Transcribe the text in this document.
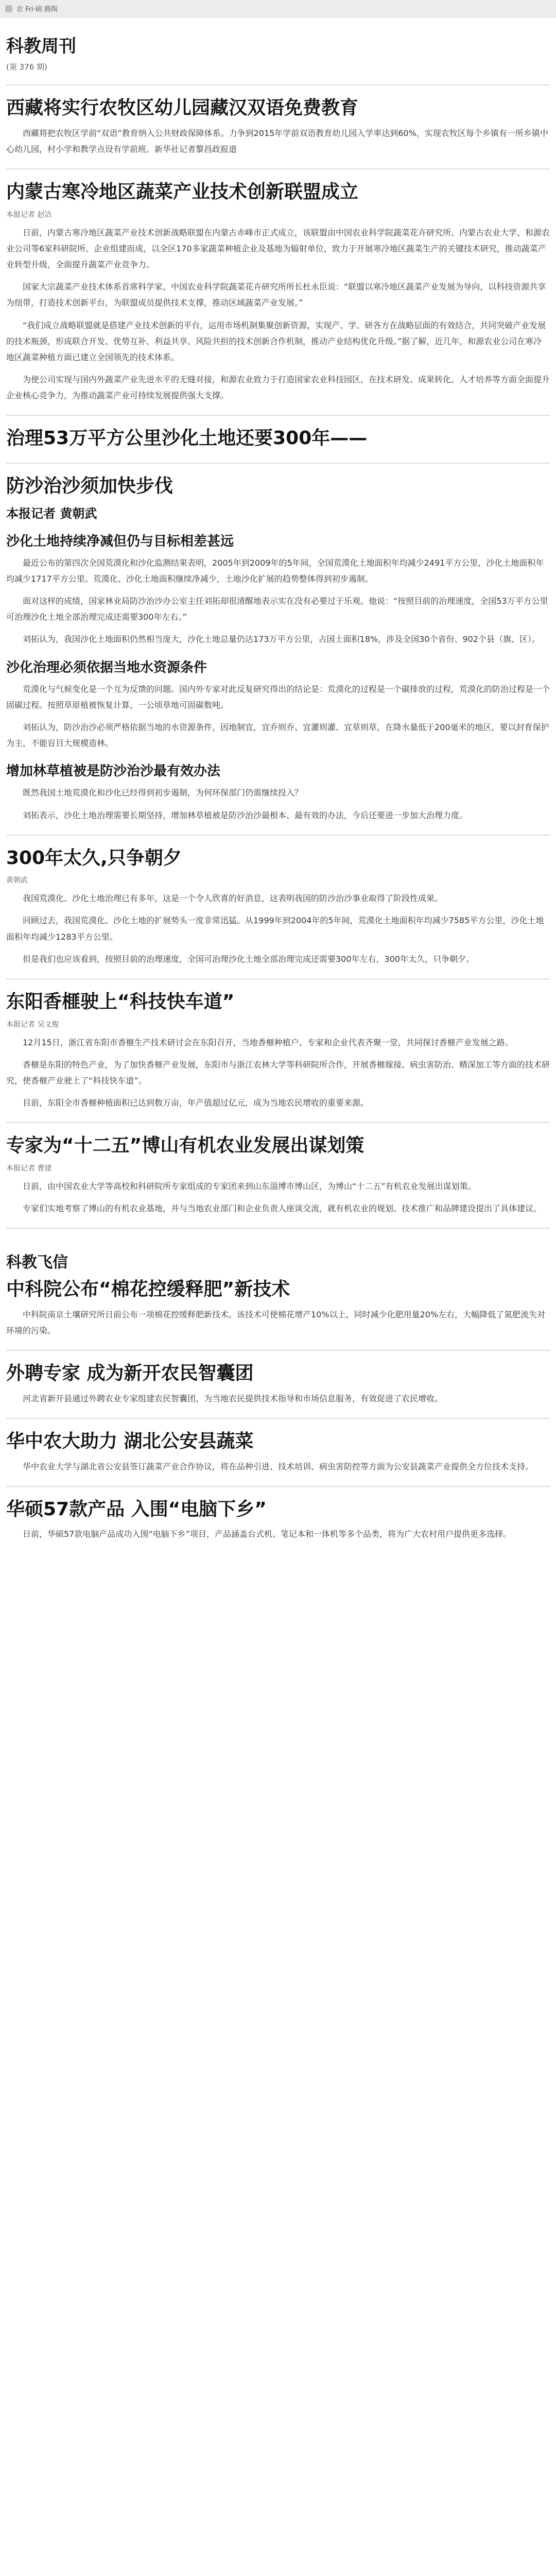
农 Fri·刷 腾陶
科教周刊
(第 376 期)
西藏将实行农牧区幼儿园藏汉双语免费教育

西藏将把农牧区学前“双语”教育纳入公共财政保障体系。力争到2015年学前双语教育幼儿园入学率达到60%，实现农牧区每个乡镇有一所乡镇中心幼儿园，村小学和教学点设有学前班。新华社记者黎昌政报道

内蒙古寒冷地区蔬菜产业技术创新联盟成立
本报记者 赵洁

日前，内蒙古寒冷地区蔬菜产业技术创新战略联盟在内蒙古赤峰市正式成立，该联盟由中国农业科学院蔬菜花卉研究所、内蒙古农业大学、和源农业公司等6家科研院所、企业组建而成，以全区170多家蔬菜种植企业及基地为辐射单位，致力于开展寒冷地区蔬菜生产的关键技术研究，推动蔬菜产业转型升级，全面提升蔬菜产业竞争力。

国家大宗蔬菜产业技术体系首席科学家、中国农业科学院蔬菜花卉研究所所长杜永臣说：“联盟以寒冷地区蔬菜产业发展为导向，以科技资源共享为纽带，打造技术创新平台，为联盟成员提供技术支撑，推动区域蔬菜产业发展。”

“我们成立战略联盟就是搭建产业技术创新的平台，运用市场机制集聚创新资源，实现产、学、研各方在战略层面的有效结合，共同突破产业发展的技术瓶颈，形成联合开发、优势互补、利益共享、风险共担的技术创新合作机制，推动产业结构优化升级。”据了解，近几年，和源农业公司在寒冷地区蔬菜种植方面已建立全国领先的技术体系。

为使公司实现与国内外蔬菜产业先进水平的无缝对接，和源农业致力于打造国家农业科技园区，在技术研发、成果转化、人才培养等方面全面提升企业核心竞争力，为推动蔬菜产业可持续发展提供强大支撑。

治理53万平方公里沙化土地还要300年——
防沙治沙须加快步伐
本报记者 黄朝武
沙化土地持续净减但仍与目标相差甚远

最近公布的第四次全国荒漠化和沙化监测结果表明，2005年到2009年的5年间，全国荒漠化土地面积年均减少2491平方公里，沙化土地面积年均减少1717平方公里。荒漠化、沙化土地面积继续净减少，土地沙化扩展的趋势整体得到初步遏制。

面对这样的成绩，国家林业局防沙治沙办公室主任刘拓却很清醒地表示实在没有必要过于乐观。他说：“按照目前的治理速度，全国53万平方公里可治理沙化土地全部治理完成还需要300年左右。”

刘拓认为，我国沙化土地面积仍然相当庞大，沙化土地总量仍达173万平方公里，占国土面积18%，涉及全国30个省份、902个县（旗、区）。

沙化治理必须依据当地水资源条件

荒漠化与气候变化是一个互为反馈的问题。国内外专家对此反复研究得出的结论是：荒漠化的过程是一个碳排放的过程，荒漠化的防治过程是一个固碳过程。按照草原植被恢复计算，一公顷草地可固碳数吨。

刘拓认为，防沙治沙必须严格依据当地的水资源条件，因地制宜，宜乔则乔、宜灌则灌、宜草则草，在降水量低于200毫米的地区，要以封育保护为主，不能盲目大规模造林。

增加林草植被是防沙治沙最有效办法

既然我国土地荒漠化和沙化已经得到初步遏制，为何环保部门仍需继续投入？

刘拓表示，沙化土地治理需要长期坚持，增加林草植被是防沙治沙最根本、最有效的办法，今后还要进一步加大治理力度。

300年太久,只争朝夕
黄朝武

我国荒漠化、沙化土地治理已有多年，这是一个令人欣喜的好消息，这表明我国的防沙治沙事业取得了阶段性成果。

回顾过去，我国荒漠化、沙化土地的扩展势头一度非常迅猛。从1999年到2004年的5年间，荒漠化土地面积年均减少7585平方公里，沙化土地面积年均减少1283平方公里。

但是我们也应该看到，按照目前的治理速度，全国可治理沙化土地全部治理完成还需要300年左右，300年太久，只争朝夕。

东阳香榧驶上“科技快车道”
本报记者 吴文俊

12月15日，浙江省东阳市香榧生产技术研讨会在东阳召开，当地香榧种植户、专家和企业代表齐聚一堂，共同探讨香榧产业发展之路。

香榧是东阳的特色产业，为了加快香榧产业发展，东阳市与浙江农林大学等科研院所合作，开展香榧嫁接、病虫害防治、精深加工等方面的技术研究，使香榧产业驶上了“科技快车道”。

目前，东阳全市香榧种植面积已达到数万亩，年产值超过亿元，成为当地农民增收的重要来源。

专家为“十二五”博山有机农业发展出谋划策
本报记者 曹建

日前，由中国农业大学等高校和科研院所专家组成的专家团来到山东淄博市博山区，为博山“十二五”有机农业发展出谋划策。

专家们实地考察了博山的有机农业基地，并与当地农业部门和企业负责人座谈交流，就有机农业的规划、技术推广和品牌建设提出了具体建议。

科教飞信
中科院公布“棉花控缓释肥”新技术

中科院南京土壤研究所日前公布一项棉花控缓释肥新技术。该技术可使棉花增产10%以上，同时减少化肥用量20%左右，大幅降低了氮肥流失对环境的污染。

外聘专家 成为新开农民智囊团

河北省新开县通过外聘农业专家组建农民智囊团，为当地农民提供技术指导和市场信息服务，有效促进了农民增收。

华中农大助力 湖北公安县蔬菜

华中农业大学与湖北省公安县签订蔬菜产业合作协议，将在品种引进、技术培训、病虫害防控等方面为公安县蔬菜产业提供全方位技术支持。

华硕57款产品 入围“电脑下乡”

日前，华硕57款电脑产品成功入围“电脑下乡”项目，产品涵盖台式机、笔记本和一体机等多个品类，将为广大农村用户提供更多选择。
